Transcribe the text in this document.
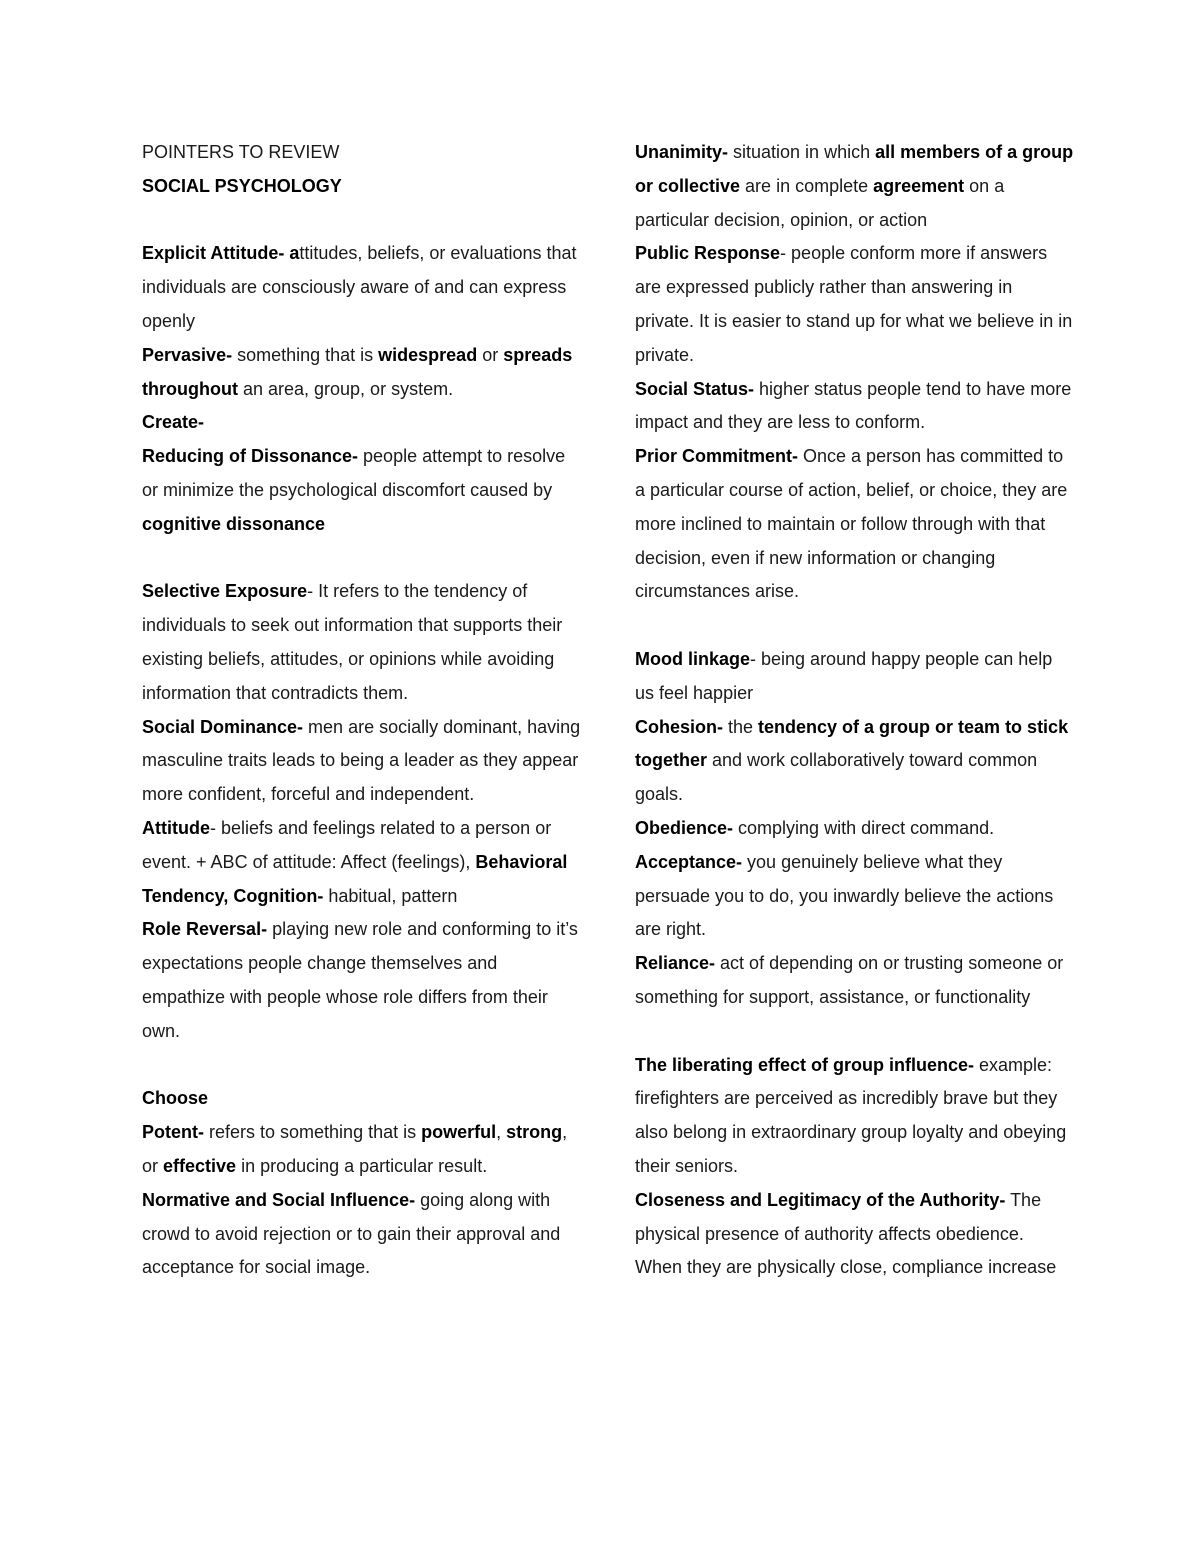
POINTERS TO REVIEW

SOCIAL PSYCHOLOGY

Explicit Attitude- attitudes, beliefs, or evaluations that individuals are consciously aware of and can express openly

Pervasive- something that is widespread or spreads throughout an area, group, or system.

Create-

Reducing of Dissonance- people attempt to resolve or minimize the psychological discomfort caused by cognitive dissonance

Selective Exposure- It refers to the tendency of individuals to seek out information that supports their existing beliefs, attitudes, or opinions while avoiding information that contradicts them.

Social Dominance- men are socially dominant, having masculine traits leads to being a leader as they appear more confident, forceful and independent.

Attitude- beliefs and feelings related to a person or event. + ABC of attitude: Affect (feelings), Behavioral Tendency, Cognition- habitual, pattern

Role Reversal- playing new role and conforming to it’s expectations people change themselves and empathize with people whose role differs from their own.

Choose

Potent- refers to something that is powerful, strong, or effective in producing a particular result.

Normative and Social Influence- going along with crowd to avoid rejection or to gain their approval and acceptance for social image.

Unanimity- situation in which all members of a group or collective are in complete agreement on a particular decision, opinion, or action

Public Response- people conform more if answers are expressed publicly rather than answering in private. It is easier to stand up for what we believe in in private.

Social Status- higher status people tend to have more impact and they are less to conform.

Prior Commitment- Once a person has committed to a particular course of action, belief, or choice, they are more inclined to maintain or follow through with that decision, even if new information or changing circumstances arise.

Mood linkage- being around happy people can help us feel happier

Cohesion- the tendency of a group or team to stick together and work collaboratively toward common goals.

Obedience- complying with direct command.

Acceptance- you genuinely believe what they persuade you to do, you inwardly believe the actions are right.

Reliance- act of depending on or trusting someone or something for support, assistance, or functionality

The liberating effect of group influence- example: firefighters are perceived as incredibly brave but they also belong in extraordinary group loyalty and obeying their seniors.

Closeness and Legitimacy of the Authority- The physical presence of authority affects obedience. When they are physically close, compliance increase
